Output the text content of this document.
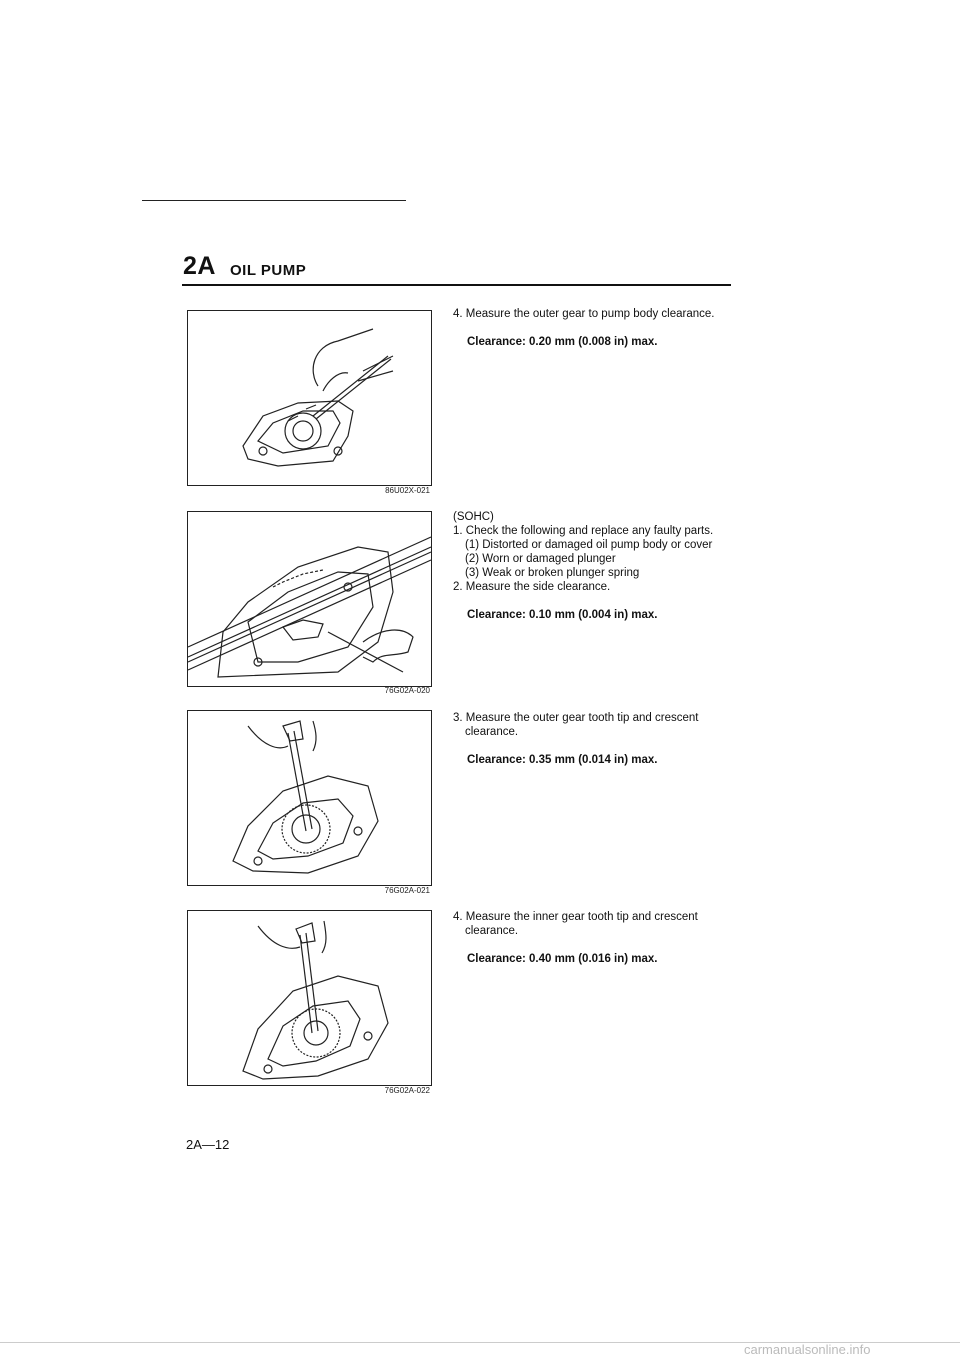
2A OIL PUMP
86U02X-021
76G02A-020
76G02A-021
76G02A-022

4. Measure the outer gear to pump body clearance.

Clearance: 0.20 mm (0.008 in) max.

(SOHC)

1. Check the following and replace any faulty parts.

(1) Distorted or damaged oil pump body or cover

(2) Worn or damaged plunger

(3) Weak or broken plunger spring

2. Measure the side clearance.

Clearance: 0.10 mm (0.004 in) max.

3. Measure the outer gear tooth tip and crescent

clearance.

Clearance: 0.35 mm (0.014 in) max.

4. Measure the inner gear tooth tip and crescent

clearance.

Clearance: 0.40 mm (0.016 in) max.

2A—12
carmanualsonline.info
